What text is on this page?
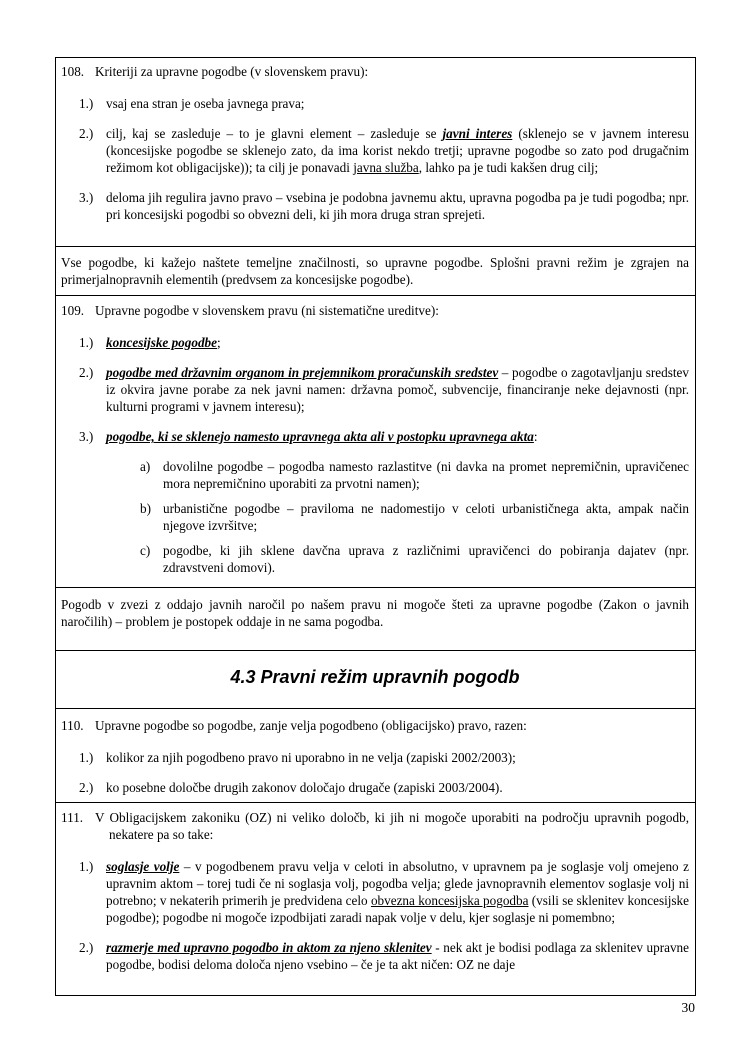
108. Kriteriji za upravne pogodbe (v slovenskem pravu):

1.) vsaj ena stran je oseba javnega prava;

2.) cilj, kaj se zasleduje – to je glavni element – zasleduje se javni interes (sklenejo se v javnem interesu (koncesijske pogodbe se sklenejo zato, da ima korist nekdo tretji; upravne pogodbe so zato pod drugačnim režimom kot obligacijske)); ta cilj je ponavadi javna služba, lahko pa je tudi kakšen drug cilj;

3.) deloma jih regulira javno pravo – vsebina je podobna javnemu aktu, upravna pogodba pa je tudi pogodba; npr. pri koncesijski pogodbi so obvezni deli, ki jih mora druga stran sprejeti.

Vse pogodbe, ki kažejo naštete temeljne značilnosti, so upravne pogodbe. Splošni pravni režim je zgrajen na primerjalnopravnih elementih (predvsem za koncesijske pogodbe).

109. Upravne pogodbe v slovenskem pravu (ni sistematične ureditve):

1.) koncesijske pogodbe;

2.) pogodbe med državnim organom in prejemnikom proračunskih sredstev – pogodbe o zagotavljanju sredstev iz okvira javne porabe za nek javni namen: državna pomoč, subvencije, financiranje neke dejavnosti (npr. kulturni programi v javnem interesu);

3.) pogodbe, ki se sklenejo namesto upravnega akta ali v postopku upravnega akta:

a) dovolilne pogodbe – pogodba namesto razlastitve (ni davka na promet nepremičnin, upravičenec mora nepremičnino uporabiti za prvotni namen);

b) urbanistične pogodbe – praviloma ne nadomestijo v celoti urbanističnega akta, ampak način njegove izvršitve;

c) pogodbe, ki jih sklene davčna uprava z različnimi upravičenci do pobiranja dajatev (npr. zdravstveni domovi).

Pogodb v zvezi z oddajo javnih naročil po našem pravu ni mogoče šteti za upravne pogodbe (Zakon o javnih naročilih) – problem je postopek oddaje in ne sama pogodba.

4.3 Pravni režim upravnih pogodb

110. Upravne pogodbe so pogodbe, zanje velja pogodbeno (obligacijsko) pravo, razen:

1.) kolikor za njih pogodbeno pravo ni uporabno in ne velja (zapiski 2002/2003);

2.) ko posebne določbe drugih zakonov določajo drugače (zapiski 2003/2004).

111. V Obligacijskem zakoniku (OZ) ni veliko določb, ki jih ni mogoče uporabiti na področju upravnih pogodb, nekatere pa so take:

1.) soglasje volje – v pogodbenem pravu velja v celoti in absolutno, v upravnem pa je soglasje volj omejeno z upravnim aktom – torej tudi če ni soglasja volj, pogodba velja; glede javnopravnih elementov soglasje volj ni potrebno; v nekaterih primerih je predvidena celo obvezna koncesijska pogodba (vsili se sklenitev koncesijske pogodbe); pogodbe ni mogoče izpodbijati zaradi napak volje v delu, kjer soglasje ni pomembno;

2.) razmerje med upravno pogodbo in aktom za njeno sklenitev - nek akt je bodisi podlaga za sklenitev upravne pogodbe, bodisi deloma določa njeno vsebino – če je ta akt ničen: OZ ne daje

30
